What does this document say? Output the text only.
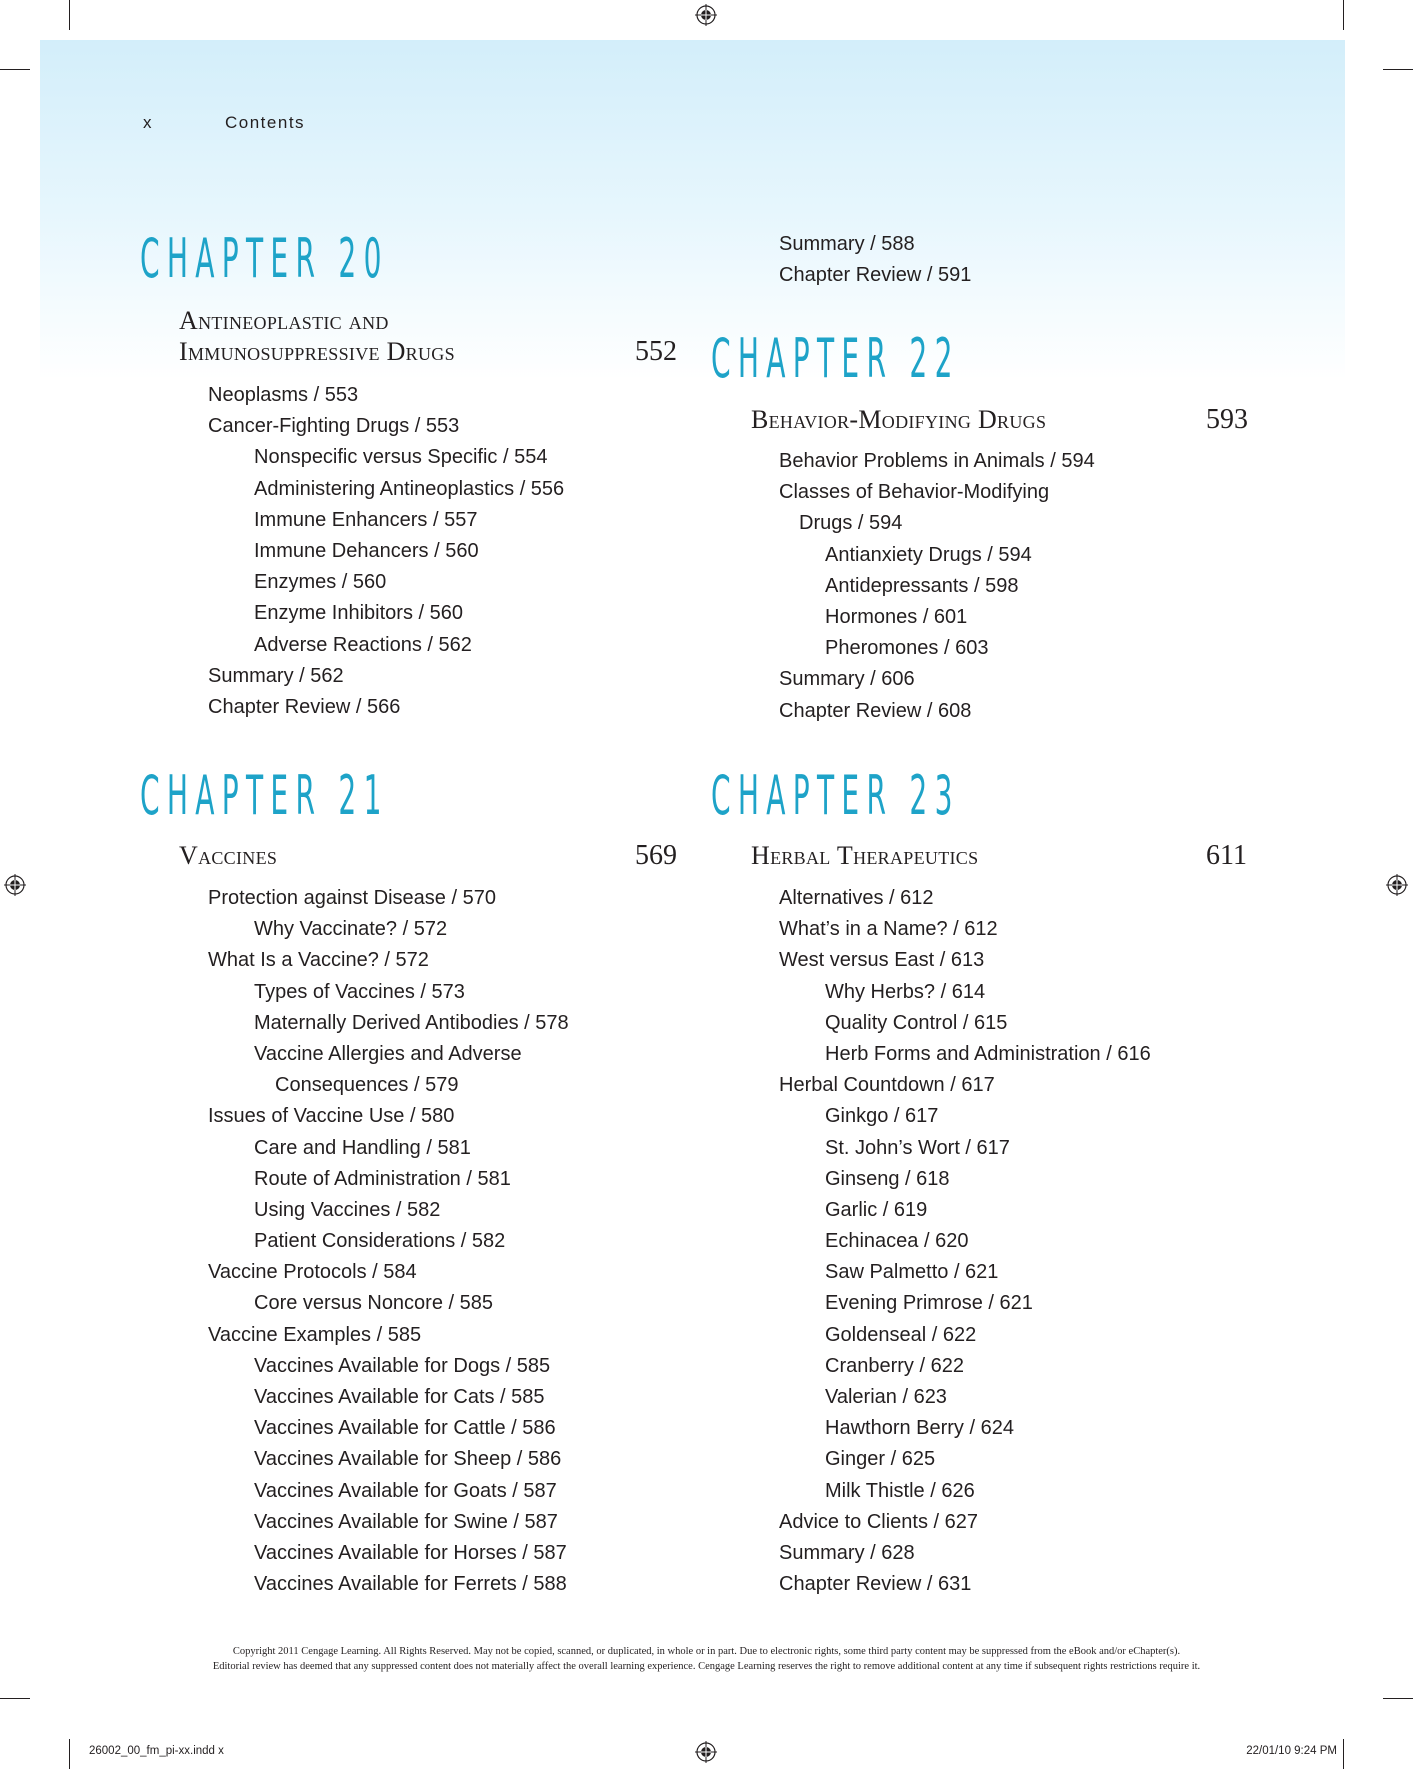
x	Contents
CHAPTER 20
Antineoplastic and
Immunosuppressive Drugs	552
Neoplasms / 553
Cancer-Fighting Drugs / 553
Nonspecific versus Specific / 554
Administering Antineoplastics / 556
Immune Enhancers / 557
Immune Dehancers / 560
Enzymes / 560
Enzyme Inhibitors / 560
Adverse Reactions / 562
Summary / 562
Chapter Review / 566
CHAPTER 21
Vaccines	569
Protection against Disease / 570
Why Vaccinate? / 572
What Is a Vaccine? / 572
Types of Vaccines / 573
Maternally Derived Antibodies / 578
Vaccine Allergies and Adverse
Consequences / 579
Issues of Vaccine Use / 580
Care and Handling / 581
Route of Administration / 581
Using Vaccines / 582
Patient Considerations / 582
Vaccine Protocols / 584
Core versus Noncore / 585
Vaccine Examples / 585
Vaccines Available for Dogs / 585
Vaccines Available for Cats / 585
Vaccines Available for Cattle / 586
Vaccines Available for Sheep / 586
Vaccines Available for Goats / 587
Vaccines Available for Swine / 587
Vaccines Available for Horses / 587
Vaccines Available for Ferrets / 588
Summary / 588
Chapter Review / 591
CHAPTER 22
Behavior-Modifying Drugs	593
Behavior Problems in Animals / 594
Classes of Behavior-Modifying
Drugs / 594
Antianxiety Drugs / 594
Antidepressants / 598
Hormones / 601
Pheromones / 603
Summary / 606
Chapter Review / 608
CHAPTER 23
Herbal Therapeutics	611
Alternatives / 612
What’s in a Name? / 612
West versus East / 613
Why Herbs? / 614
Quality Control / 615
Herb Forms and Administration / 616
Herbal Countdown / 617
Ginkgo / 617
St. John’s Wort / 617
Ginseng / 618
Garlic / 619
Echinacea / 620
Saw Palmetto / 621
Evening Primrose / 621
Goldenseal / 622
Cranberry / 622
Valerian / 623
Hawthorn Berry / 624
Ginger / 625
Milk Thistle / 626
Advice to Clients / 627
Summary / 628
Chapter Review / 631
Copyright 2011 Cengage Learning. All Rights Reserved. May not be copied, scanned, or duplicated, in whole or in part. Due to electronic rights, some third party content may be suppressed from the eBook and/or eChapter(s).
Editorial review has deemed that any suppressed content does not materially affect the overall learning experience. Cengage Learning reserves the right to remove additional content at any time if subsequent rights restrictions require it.
26002_00_fm_pi-xx.indd x	22/01/10 9:24 PM
